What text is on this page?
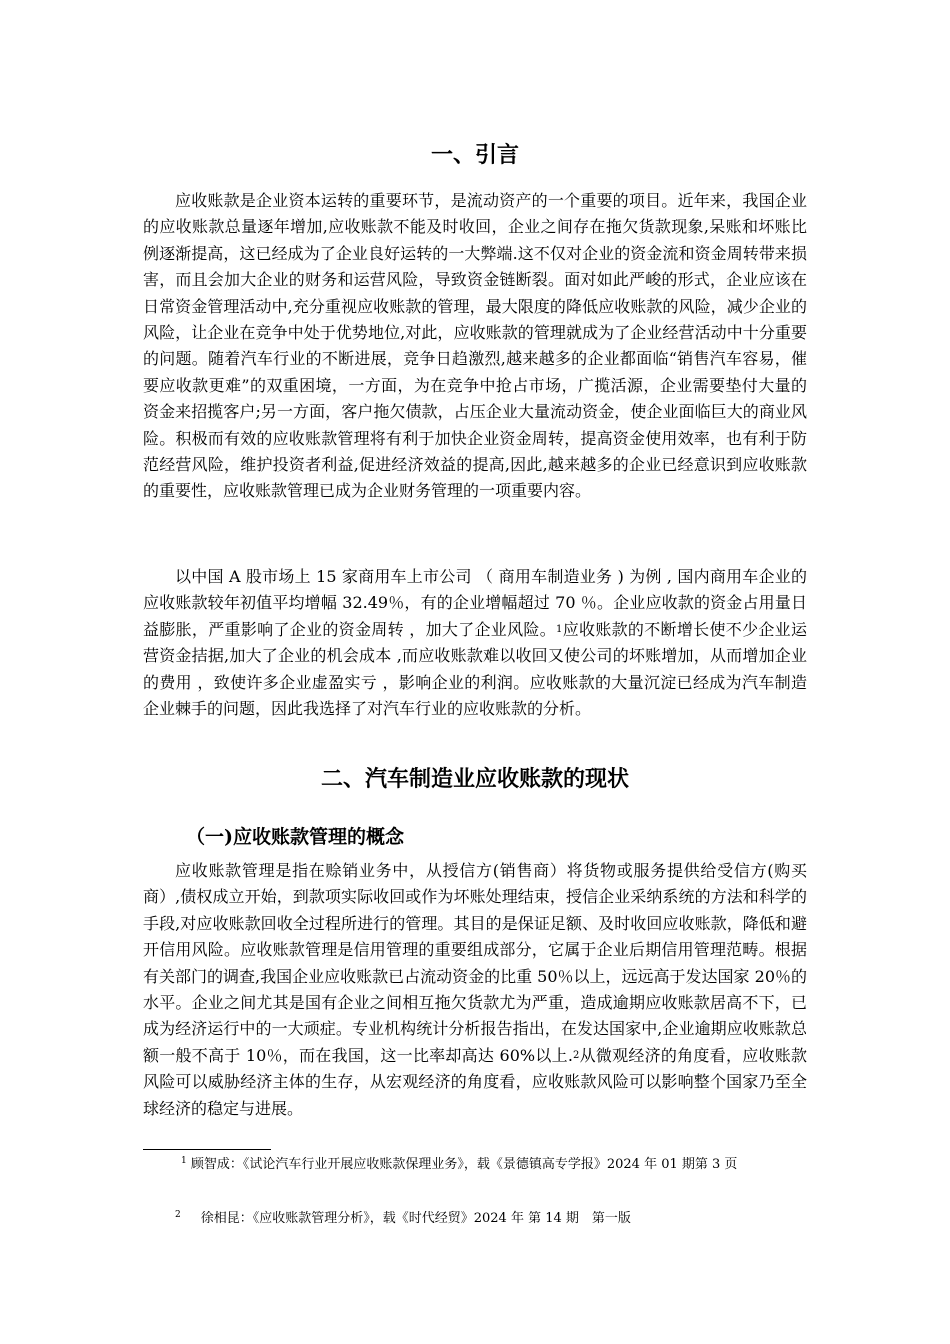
一、引言

应收账款是企业资本运转的重要环节，是流动资产的一个重要的项目。近年来，我国企业的应收账款总量逐年增加,应收账款不能及时收回，企业之间存在拖欠货款现象,呆账和坏账比例逐渐提高，这已经成为了企业良好运转的一大弊端.这不仅对企业的资金流和资金周转带来损害，而且会加大企业的财务和运营风险，导致资金链断裂。面对如此严峻的形式，企业应该在日常资金管理活动中,充分重视应收账款的管理，最大限度的降低应收账款的风险，减少企业的风险，让企业在竞争中处于优势地位,对此，应收账款的管理就成为了企业经营活动中十分重要的问题。随着汽车行业的不断进展，竞争日趋激烈,越来越多的企业都面临“销售汽车容易，催要应收款更难”的双重困境，一方面，为在竞争中抢占市场，广揽活源，企业需要垫付大量的资金来招揽客户;另一方面，客户拖欠债款，占压企业大量流动资金，使企业面临巨大的商业风险。积极而有效的应收账款管理将有利于加快企业资金周转，提高资金使用效率，也有利于防范经营风险，维护投资者利益,促进经济效益的提高,因此,越来越多的企业已经意识到应收账款的重要性，应收账款管理已成为企业财务管理的一项重要内容。

以中国 A 股市场上 15 家商用车上市公司 （ 商用车制造业务 ) 为例 , 国内商用车企业的应收账款较年初值平均增幅 32.49％，有的企业增幅超过 70 ％。企业应收款的资金占用量日益膨胀，严重影响了企业的资金周转 ，加大了企业风险。$^1$应收账款的不断增长使不少企业运营资金拮据,加大了企业的机会成本 ,而应收账款难以收回又使公司的坏账增加，从而增加企业的费用 ，致使许多企业虚盈实亏 ，影响企业的利润。应收账款的大量沉淀已经成为汽车制造企业棘手的问题，因此我选择了对汽车行业的应收账款的分析。

二、汽车制造业应收账款的现状
（一)应收账款管理的概念

应收账款管理是指在赊销业务中，从授信方(销售商）将货物或服务提供给受信方(购买商）,债权成立开始，到款项实际收回或作为坏账处理结束，授信企业采纳系统的方法和科学的手段,对应收账款回收全过程所进行的管理。其目的是保证足额、及时收回应收账款，降低和避开信用风险。应收账款管理是信用管理的重要组成部分，它属于企业后期信用管理范畴。根据有关部门的调查,我国企业应收账款已占流动资金的比重 50％以上，远远高于发达国家 20％的水平。企业之间尤其是国有企业之间相互拖欠货款尤为严重，造成逾期应收账款居高不下，已成为经济运行中的一大顽症。专业机构统计分析报告指出，在发达国家中,企业逾期应收账款总额一般不高于 10％，而在我国，这一比率却高达 60%以上.$^2$从微观经济的角度看，应收账款风险可以威胁经济主体的生存，从宏观经济的角度看，应收账款风险可以影响整个国家乃至全球经济的稳定与进展。

$^1$ 顾智成：《试论汽车行业开展应收账款保理业务》，载《景德镇高专学报》2024 年 01 期第 3 页

$^2$ 徐相昆：《应收账款管理分析》，载《时代经贸》2024 年 第 14 期　第一版
